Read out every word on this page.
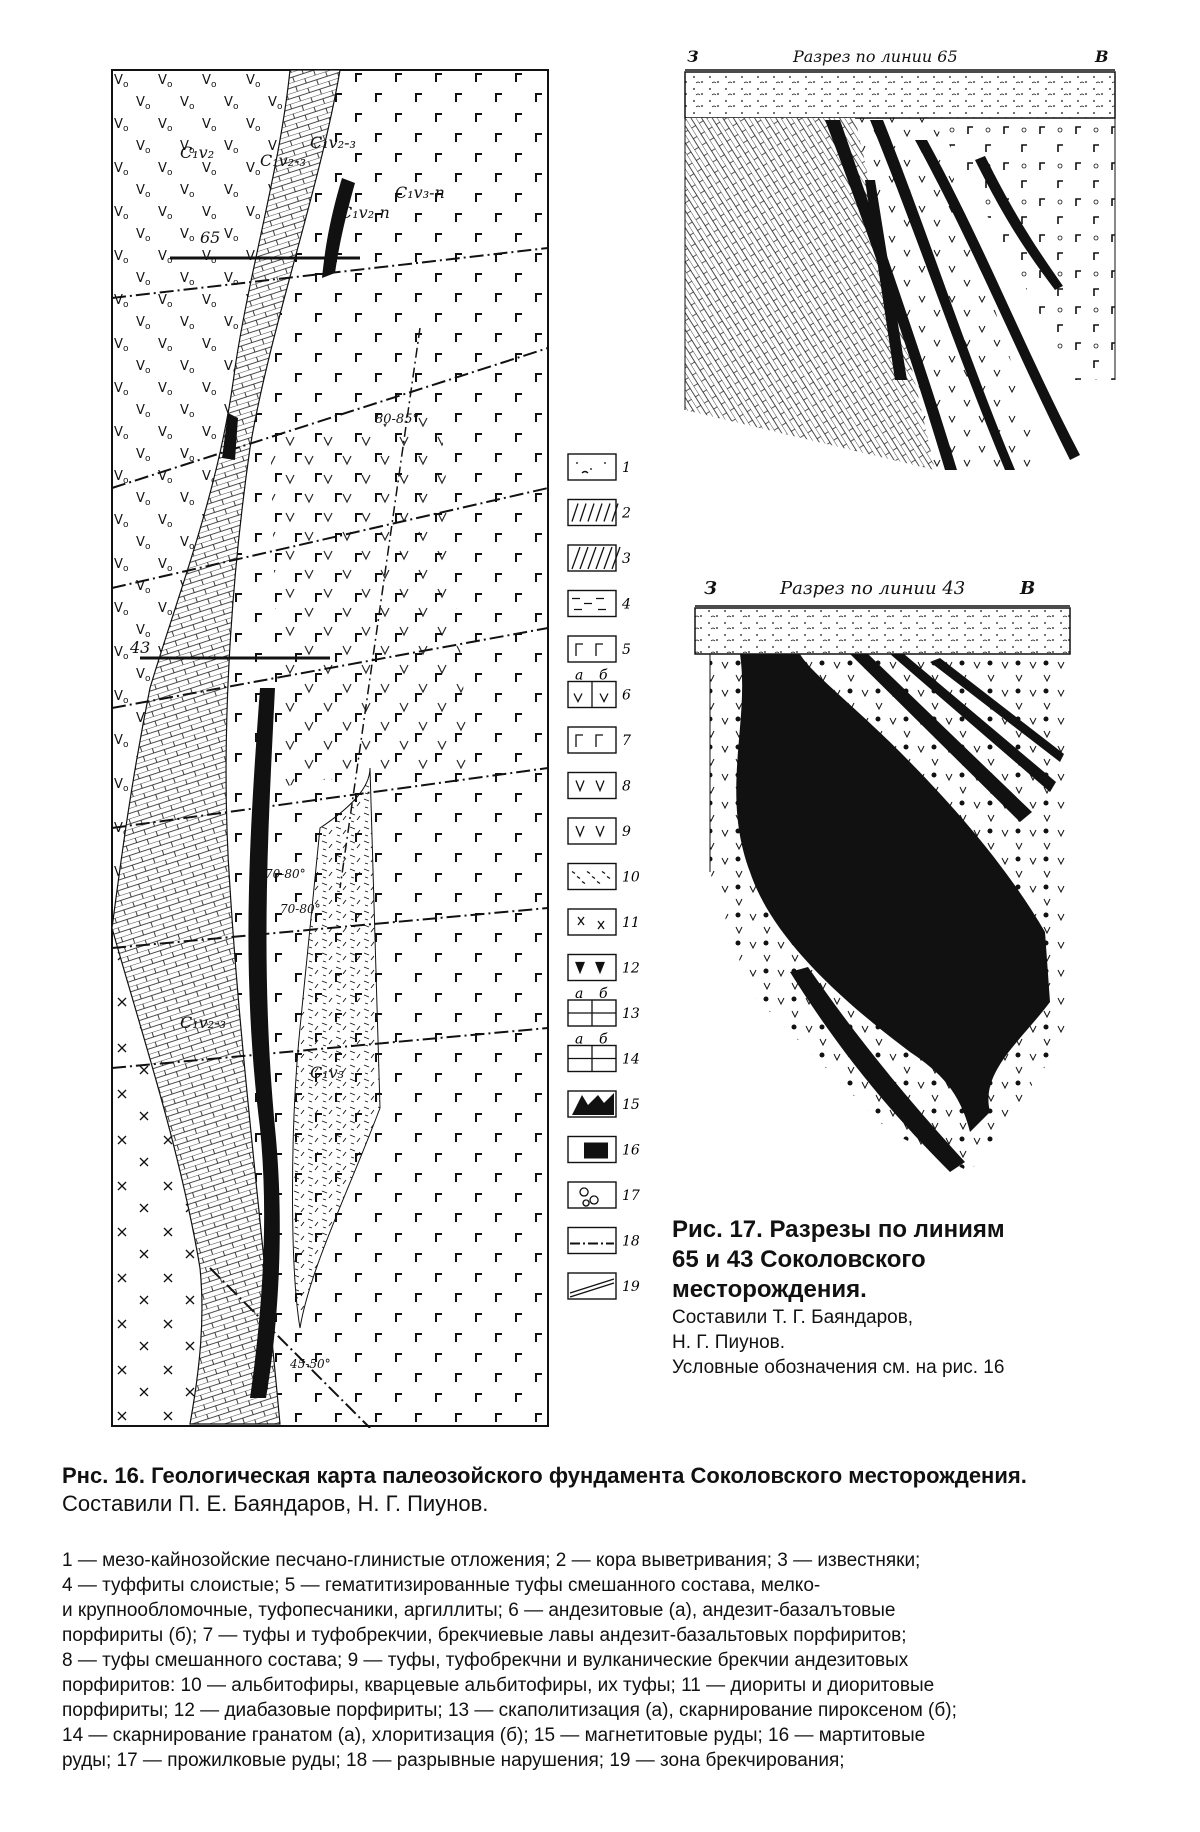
65
43
C₁v₂	C₁v₂-₃
C₁v₂-₃
C₁v₃-п
C₁v₂-п
C₁v₂-₃
C₁v₃
80-85°
70-80°
70-80°
45-50°
1
2
3
4
5
6
а б
7
8
9
10
11
12
13
а б
14
а б
15
16
17
18
19
З	Разрез по линии 65	В
З	Разрез по линии 43	В
Рис. 17. Разрезы по линиям
65 и 43 Соколовского
месторождения.
Составили Т. Г. Баяндаров,
Н. Г. Пиунов.
Условные обозначения см. на рис. 16
Рнс. 16. Геологическая карта палеозойского фундамента Соколовского месторождения. Составили П. Е. Баяндаров, Н. Г. Пиунов.
1 — мезо-кайнозойские песчано-глинистые отложения; 2 — кора выветривания; 3 — известняки;
4 — туффиты слоистые; 5 — гематитизированные туфы смешанного состава, мелко-
и крупнообломочные, туфопесчаники, аргиллиты; 6 — андезитовые (а), андезит-базалътовые
порфириты (б); 7 — туфы и туфобрекчии, брекчиевые лавы андезит-базальтовых порфиритов;
8 — туфы смешанного состава; 9 — туфы, туфобрекчни и вулканические брекчии андезитовых
порфиритов: 10 — альбитофиры, кварцевые альбитофиры, их туфы; 11 — диориты и диоритовые
порфириты; 12 — диабазовые порфириты; 13 — скаполитизация (а), скарнирование пироксеном (б);
14 — скарнирование гранатом (а), хлоритизация (б); 15 — магнетитовые руды; 16 — мартитовые
руды; 17 — прожилковые руды; 18 — разрывные нарушения; 19 — зона брекчирования;
